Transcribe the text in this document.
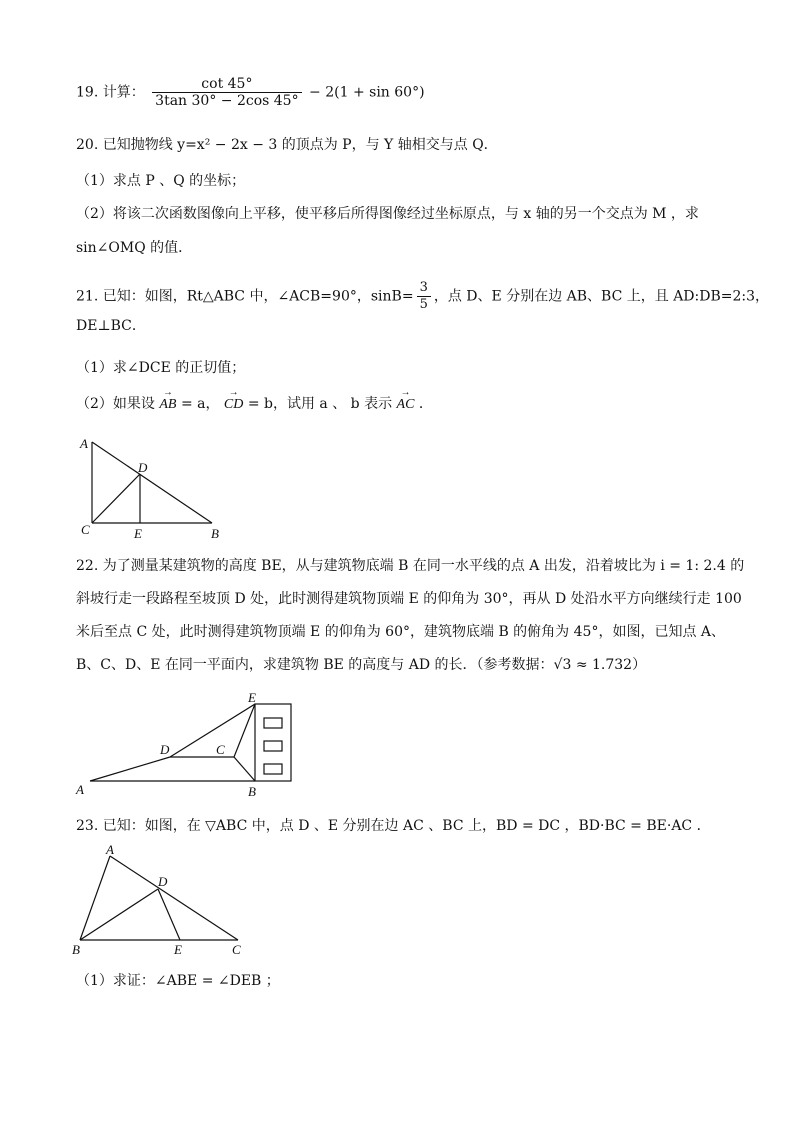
19. 计算： $\frac{\cot 45^\circ}{3\tan 30^\circ - 2\cos 45^\circ} - 2(1 + \sin 60^\circ)$
20. 已知抛物线 y=x² − 2x − 3 的顶点为 P，与 Y 轴相交与点 Q．
（1）求点 P 、Q 的坐标；
（2）将该二次函数图像向上平移，使平移后所得图像经过坐标原点，与 x 轴的另一个交点为 M ，求
sin∠OMQ 的值．
21. 已知：如图，Rt△ABC 中，∠ACB=90°，$\sin B= \frac{3}{5}$ ，点 D、E 分别在边 AB、BC 上，且 AD:DB=2:3，
DE⊥BC．
（1）求∠DCE 的正切值；
（2）如果设 → AB = a， → CD = b，试用 a 、 b 表示 → AC ．
A
D
C	E	B
22. 为了测量某建筑物的高度 BE，从与建筑物底端 B 在同一水平线的点 A 出发，沿着坡比为 i = 1: 2.4 的
斜坡行走一段路程至坡顶 D 处，此时测得建筑物顶端 E 的仰角为 30°，再从 D 处沿水平方向继续行走 100
米后至点 C 处，此时测得建筑物顶端 E 的仰角为 60°，建筑物底端 B 的俯角为 45°，如图，已知点 A、
B、C、D、E 在同一平面内，求建筑物 BE 的高度与 AD 的长．（参考数据：√3 ≈ 1.732）
E
D	C
A	B
23. 已知：如图，在 ▽ABC 中，点 D 、E 分别在边 AC 、BC 上，BD = DC ，BD·BC = BE·AC ．
A
D
B	E	C
（1）求证：∠ABE = ∠DEB ；
